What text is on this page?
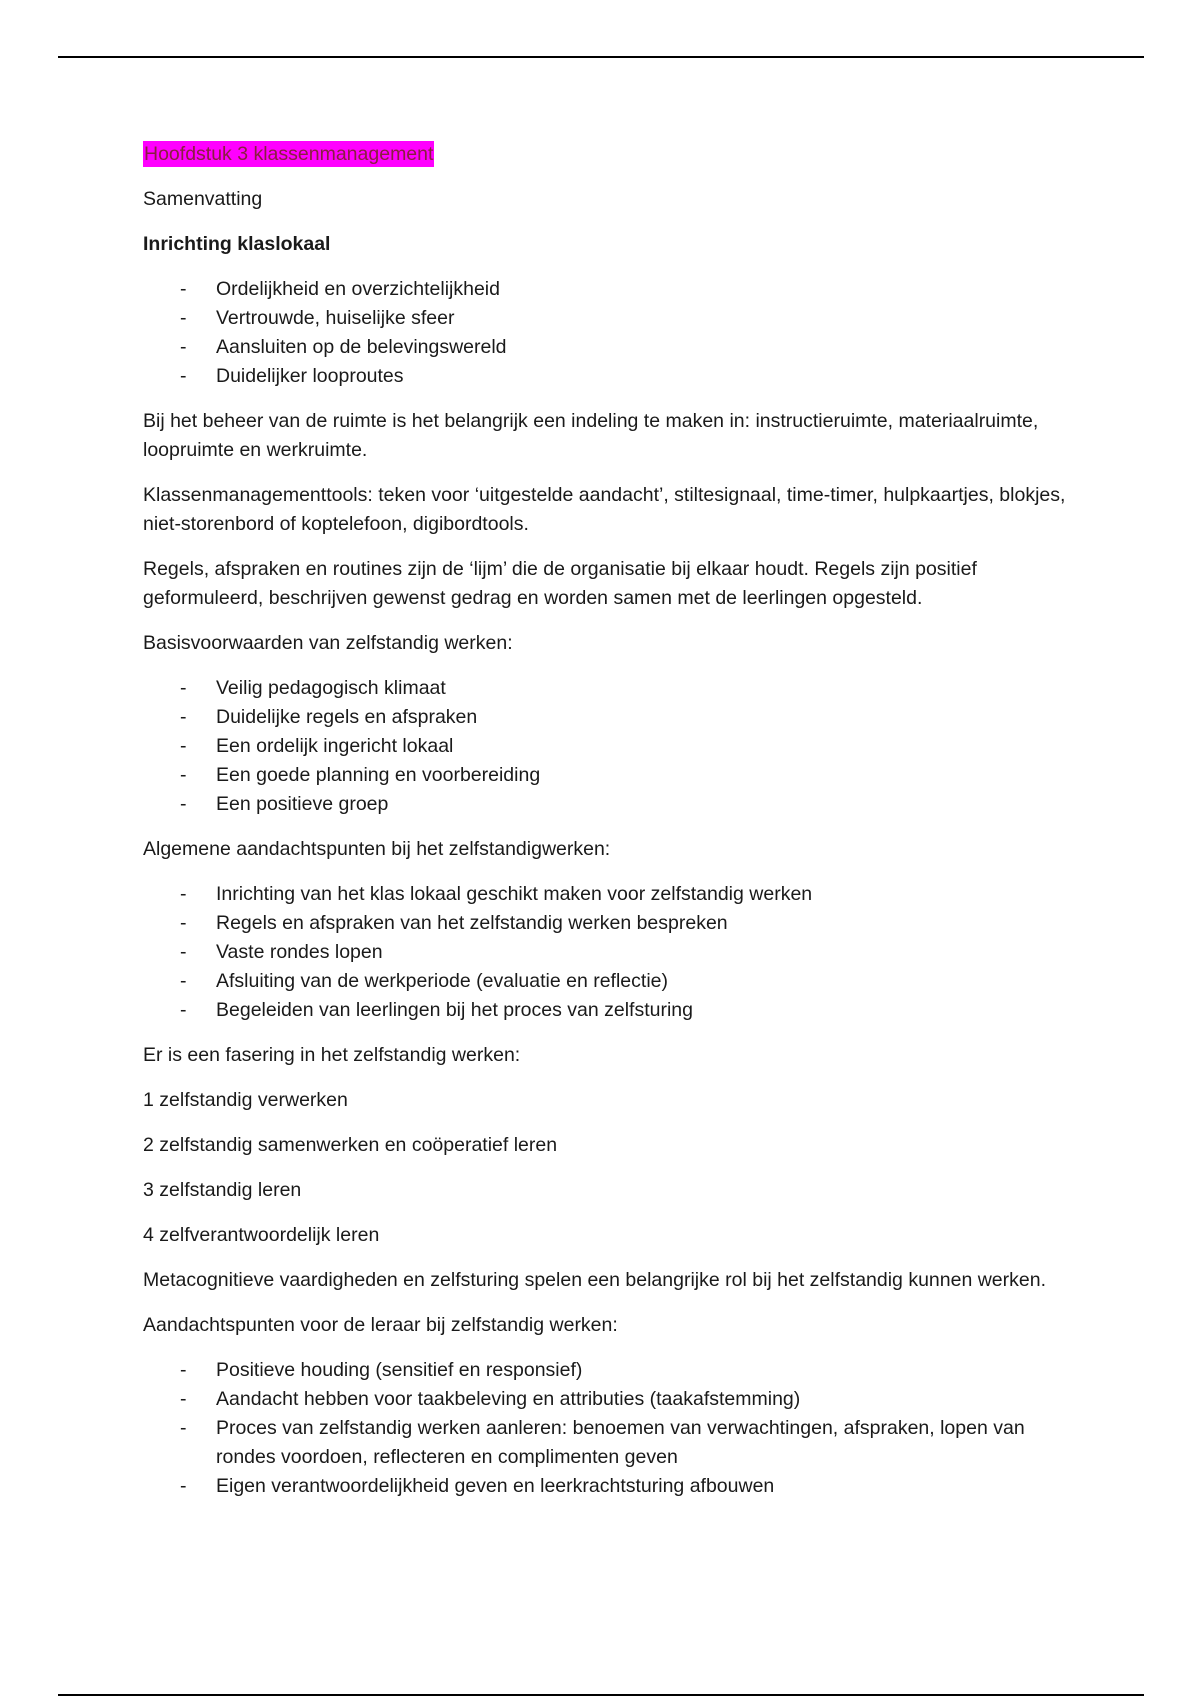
Hoofdstuk 3 klassenmanagement

Samenvatting

Inrichting klaslokaal

- Ordelijkheid en overzichtelijkheid
- Vertrouwde, huiselijke sfeer
- Aansluiten op de belevingswereld
- Duidelijker looproutes

Bij het beheer van de ruimte is het belangrijk een indeling te maken in: instructieruimte, materiaalruimte, loopruimte en werkruimte.

Klassenmanagementtools: teken voor ‘uitgestelde aandacht’, stiltesignaal, time-timer, hulpkaartjes, blokjes, niet-storenbord of koptelefoon, digibordtools.

Regels, afspraken en routines zijn de ‘lijm’ die de organisatie bij elkaar houdt. Regels zijn positief geformuleerd, beschrijven gewenst gedrag en worden samen met de leerlingen opgesteld.

Basisvoorwaarden van zelfstandig werken:

- Veilig pedagogisch klimaat
- Duidelijke regels en afspraken
- Een ordelijk ingericht lokaal
- Een goede planning en voorbereiding
- Een positieve groep

Algemene aandachtspunten bij het zelfstandigwerken:

- Inrichting van het klas lokaal geschikt maken voor zelfstandig werken
- Regels en afspraken van het zelfstandig werken bespreken
- Vaste rondes lopen
- Afsluiting van de werkperiode (evaluatie en reflectie)
- Begeleiden van leerlingen bij het proces van zelfsturing

Er is een fasering in het zelfstandig werken:

1 zelfstandig verwerken

2 zelfstandig samenwerken en coöperatief leren

3 zelfstandig leren

4 zelfverantwoordelijk leren

Metacognitieve vaardigheden en zelfsturing spelen een belangrijke rol bij het zelfstandig kunnen werken.

Aandachtspunten voor de leraar bij zelfstandig werken:

- Positieve houding (sensitief en responsief)
- Aandacht hebben voor taakbeleving en attributies (taakafstemming)
- Proces van zelfstandig werken aanleren: benoemen van verwachtingen, afspraken, lopen van rondes voordoen, reflecteren en complimenten geven
- Eigen verantwoordelijkheid geven en leerkrachtsturing afbouwen
